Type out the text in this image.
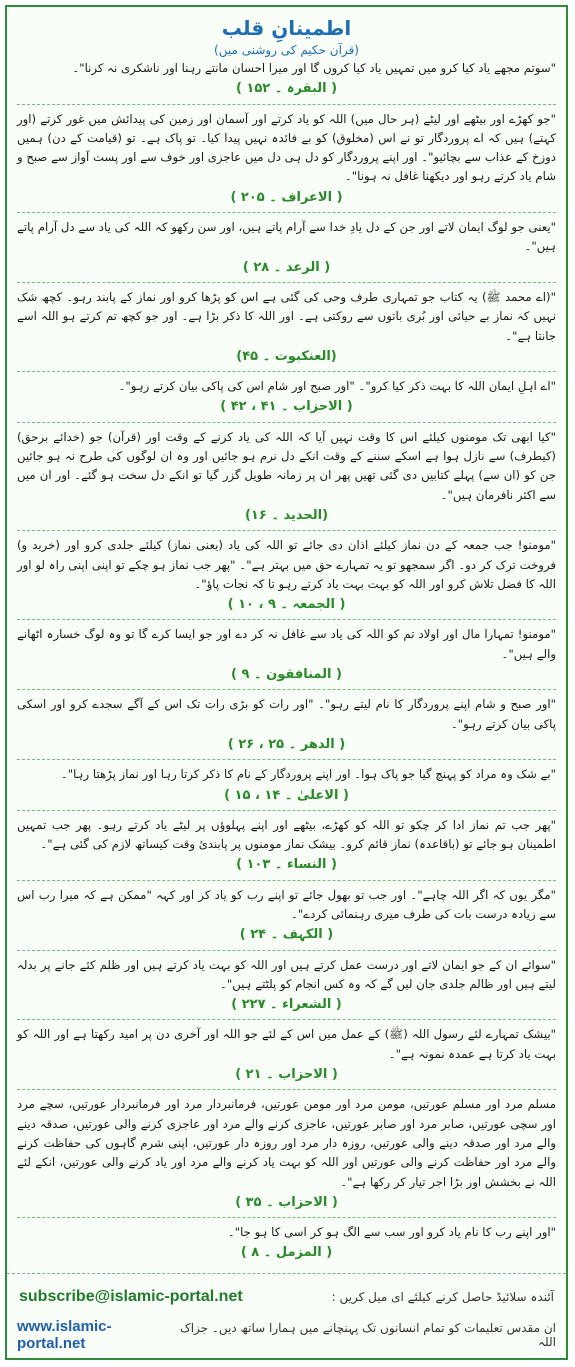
اطمینانِ قلب
(قرآن حکیم کی روشنی میں)
"سوتم مجھے یاد کیا کرو میں تمہیں یاد کیا کروں گا اور میرا احسان مانتے رہنا اور ناشکری نہ کرنا"۔
( البقرہ ۔ ۱۵۲ )
"جو کھڑے اور بیٹھے اور لیٹے (ہر حال میں) اللہ کو یاد کرتے اور آسمان اور زمین کی پیدائش میں غور کرتے (اور کہتے) ہیں کہ اے پروردگار تو نے اس (مخلوق) کو بے فائدہ نہیں پیدا کیا۔ تو پاک ہے۔ تو (قیامت کے دن) ہمیں دوزخ کے عذاب سے بچائیو"۔ اور اپنے پروردگار کو دل ہی دل میں عاجزی اور خوف سے اور پست آواز سے صبح و شام یاد کرتے رہو اور دیکھنا غافل نہ ہونا"۔
( الاعراف ۔ ۲۰۵ )
"یعنی جو لوگ ایمان لاتے اور جن کے دل یادِ خدا سے آرام پاتے ہیں، اور سن رکھو کہ اللہ کی یاد سے دل آرام پاتے ہیں"۔
( الرعد ۔ ۲۸ )
"(اے محمد ﷺ) یہ کتاب جو تمہاری طرف وحی کی گئی ہے اس کو پڑھا کرو اور نماز کے پابند رہو۔ کچھ شک نہیں کہ نماز بے حیائی اور بُری باتوں سے روکتی ہے۔ اور اللہ کا ذکر بڑا ہے۔ اور جو کچھ تم کرتے ہو اللہ اسے جانتا ہے"۔
(العنکبوت ۔ ۴۵)
"اے اہلِ ایمان اللہ کا بہت ذکر کیا کرو"۔ "اور صبح اور شام اس کی پاکی بیان کرتے رہو"۔
( الاحزاب ۔ ۴۱ ، ۴۲ )
"کیا ابھی تک مومنوں کیلئے اس کا وقت نہیں آیا کہ اللہ کی یاد کرنے کے وقت اور (قرآن) جو (خدائے برحق) (کیطرف) سے نازل ہوا ہے اسکے سننے کے وقت انکے دل نرم ہو جائیں اور وہ ان لوگوں کی طرح نہ ہو جائیں جن کو (ان سے) پہلے کتابیں دی گئی تھیں پھر ان پر زمانہ طویل گزر گیا تو انکے دل سخت ہو گئے۔ اور ان میں سے اکثر نافرمان ہیں"۔
(الحدید ۔ ۱۶)
"مومنو! جب جمعہ کے دن نماز کیلئے اذان دی جائے تو اللہ کی یاد (یعنی نماز) کیلئے جلدی کرو اور (خرید و) فروخت ترک کر دو۔ اگر سمجھو تو یہ تمہارے حق میں بہتر ہے"۔ "پھر جب نماز ہو چکے تو اپنی اپنی راہ لو اور اللہ کا فضل تلاش کرو اور اللہ کو بہت بہت یاد کرتے رہو تا کہ نجات پاؤ"۔
( الجمعہ ۔ ۹ ، ۱۰ )
"مومنو! تمہارا مال اور اولاد تم کو اللہ کی یاد سے غافل نہ کر دے اور جو ایسا کرے گا تو وہ لوگ خسارہ اٹھانے والے ہیں"۔
( المنافقون ۔ ۹ )
"اور صبح و شام اپنے پروردگار کا نام لیتے رہو"۔ "اور رات کو بڑی رات تک اس کے آگے سجدے کرو اور اسکی پاکی بیان کرتے رہو"۔
( الدھر ۔ ۲۵ ، ۲۶ )
"بے شک وہ مراد کو پہنچ گیا جو پاک ہوا۔ اور اپنے پروردگار کے نام کا ذکر کرتا رہا اور نماز پڑھتا رہا"۔
( الاعلیٰ ۔ ۱۴ ، ۱۵ )
"پھر جب تم نماز ادا کر چکو تو اللہ کو کھڑے، بیٹھے اور اپنے پہلوؤں پر لیٹے یاد کرتے رہو۔ پھر جب تمہیں اطمینان ہو جائے تو (باقاعدہ) نماز قائم کرو۔ بیشک نماز مومنوں پر پابندیٔ وقت کیساتھ لازم کی گئی ہے"۔
( النساء ۔ ۱۰۳ )
"مگر یوں کہ اگر اللہ چاہے"۔ اور جب تو بھول جائے تو اپنے رب کو یاد کر اور کہہ "ممکن ہے کہ میرا رب اس سے زیادہ درست بات کی طرف میری رہنمائی کردے"۔
( الکہف ۔ ۲۴ )
"سوائے ان کے جو ایمان لاتے اور درست عمل کرتے ہیں اور اللہ کو بہت یاد کرتے ہیں اور ظلم کئے جانے پر بدلہ لیتے ہیں اور ظالم جلدی جان لیں گے کہ وہ کس انجام کو پلٹتے ہیں"۔
( الشعراء ۔ ۲۲۷ )
"بیشک تمہارے لئے رسول اللہ (ﷺ) کے عمل میں اس کے لئے جو اللہ اور آخری دن پر امید رکھتا ہے اور اللہ کو بہت یاد کرتا ہے عمدہ نمونہ ہے"۔
( الاحزاب ۔ ۲۱ )
مسلم مرد اور مسلم عورتیں، مومن مرد اور مومن عورتیں، فرمانبردار مرد اور فرمانبردار عورتیں، سچے مرد اور سچی عورتیں، صابر مرد اور صابر عورتیں، عاجزی کرنے والے مرد اور عاجزی کرنے والی عورتیں، صدقہ دینے والے مرد اور صدقہ دینے والی عورتیں، روزہ دار مرد اور روزہ دار عورتیں، اپنی شرم گاہوں کی حفاظت کرنے والے مرد اور حفاظت کرنے والی عورتیں اور اللہ کو بہت یاد کرنے والے مرد اور یاد کرنے والی عورتیں، انکے لئے اللہ نے بخشش اور بڑا اجر تیار کر رکھا ہے"۔
( الاحزاب ۔ ۳۵ )
"اور اپنے رب کا نام یاد کرو اور سب سے الگ ہو کر اسی کا ہو جا"۔
( المزمل ۔ ۸ )
subscribe@islamic-portal.net	آئندہ سلائیڈ حاصل کرنے کیلئے ای میل کریں :
www.islamic-portal.net
ان مقدس تعلیمات کو تمام انسانوں تک پہنچانے میں ہمارا ساتھ دیں۔ جزاک اللہ
